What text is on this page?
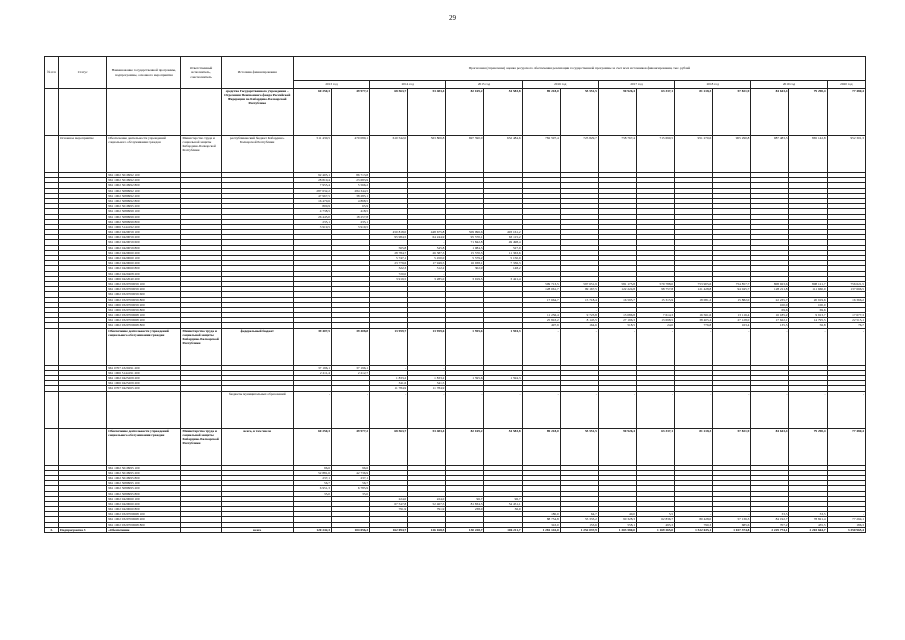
29
№ п/п	Статус	Наименование государственной программы, подпрограммы, основного мероприятия	Ответственный исполнитель, соисполнитель	Источник финансирования	Прогнозная (справочная) оценка ресурсного обеспечения реализации государственной программы за счет всех источников финансирования, тыс. рублей														
					2013 год		2014 год		2015 год		2016 год		2017 год		2018 год		2019 год		2020 год
				средства Государственного учреждения – Отделения Пенсионного фонда Российской Федерации по Кабардино-Балкарской Республике	60 250,3	49 977,2	68 563,7	53 483,4	82 169,2	54 583,8	89 218,0	55 551,5	90 926,4	63 337,1	81 218,3	57 821,9	84 643,4	79 290,4	77 480,4
	Основное мероприятие	Обеспечение деятельности учреждений социального обслуживания граждан	Министерство труда и социальной защиты Кабардино-Балкарской Республики	республиканский бюджет Кабардино-Балкарской Республики	511 430,5	470 089,1	610 542,0	563 806,8	697 590,0	632 484,6	782 597,4	725 829,7	758 767,4	715 690,5	951 270,6	905 290,8	987 483,3	865 142,8	952 301,3
		961 1002 5019992 100			92 405,1	86 713,8													
		961 1002 5019992 200			28 810,4	23 683,9													
		961 1002 5019992 800			7 955,4	5 566,2													
		961 1002 5089992 100			287 632,2	284 344,5													
		961 1002 5089992 200			47 967,5	38 285,1													
		961 1002 5089992 800			16 470,6	4 868,5													
		961 1002 5019995 200			800,9	65,9													
		961 1002 5089999 100			4 738,5	418,5													
		961 1002 5089999 200			26 445,0	18 257,8													
		961 1002 5089999 800			235,1	235,1													
		961 1006 5144192 200			3 919,5	3 919,5													
		961 1002 0420059 100					450 818,0	448 675,8	509 996,6	493 161,2									
		961 1002 0420059 200					95 984,5	64 244,9	95 570,1	63 115,2									
		961 1002 0420059 600						-	71 842,8	49 498,4									
		961 1002 0420059 800					565,8	545,8	1 084,5	527,9									
		961 1002 0420060 200					28 784,7	26 387,3	15 570,5	11 363,6									
		961 1002 0420060 100					5 747,1	5 450,0	5 579,2	5 150,9									
		961 1002 0420060 200					23 779,6	17 949,5	16 938,1	7 336,3									
		961 1002 0420060 800					322,3	312,2	302,9	148,2									
		961 1002 0420408 200					720,0	-											
		961 1006 0422040 200					3 919,5	3 285,0	3 919,5	3 421,4									
		961 1002 0320700059 100									599 713,5	597 651,9	581 175,8	579 788,0	753 905,6	754 857,7	808 923,6	808 121,7	756 621,5
		961 1002 0320700059 200									128 061,7	99 167,5	122 224,8	98 757,8	121 428,8	94 045,7	128 211,8	111 660,0	137 666,5
		961 1002 0320700059 600																	
		961 1002 0320700059 800									17 664,7	15 718,4	16 595,7	15 315,9	18 081,2	15 882,0	22 235,7	20 919,6	16 366,2
		961 1006 0320700059 200															100,0	100,0	
		961 1006 0320700059 800									-	-					69,6	69,6	
		961 1002 0320700068 100									11 256,4	9 723,8	13 086,8	7 614,3	16 561,6	13 116,4	16 185,2	9 913,7	17 677,3
		961 1002 0320700068 200									25 843,2	8 145,5	27 196,3	13 698,5	38 405,4	27 128,0	17 622,1	14 795,5	22 515,1
		961 1002 0320700068 800									497,9	164,6	518,5	24,0	776,8	163,4	135,5	56,8	76,7
		Обеспечение деятельности учреждений социального обслуживания граждан	Министерство труда и социальной защиты Кабардино-Балкарской Республики	федеральный бюджет	39 407,5	39 408,8	13 959,7	13 959,6	1 595,6	1 594,3	-	-	-	-	-	-	-	-	-
		961 0707 4320291 200			37 196,1	37 196,1	-	-											
		961 1006 5144191 200			2 211,4	2 212,7													
		961 1002 0425209 200					1 833,2	1 833,2	1 595,6	1 594,3									
		961 1006 0425209 200					341,6	341,5											
		961 0707 0425065 200					11 784,9	11 784,9											
				бюджеты муниципальных образований	-	-	-	-	-	-	-	-	-	-	-	-	-	-	-
		Обеспечение деятельности учреждений социального обслуживания граждан	Министерство труда и социальной защиты Кабардино-Балкарской Республики	всего, в том числе	60 250,3	49 977,2	68 563,7	53 483,4	82 169,2	54 583,8	89 218,0	55 551,5	90 926,4	63 337,1	81 218,3	57 821,9	84 643,4	79 290,4	77 480,4
		961 1002 5019995 100			96,6	96,6													
		961 1002 5019995 200			52 881,6	42 736,9													
		961 1002 5019995 800			237,1	237,1													
		961 1002 5089995 100			56,7	56,7													
		961 1002 5089995 200			6 951,3	6 785,9													
		961 1002 5089995 800			35,0	35,0													
		961 1002 0420060 100					224,0	224,0	96,7	96,7									
		961 1002 0420060 200					67 547,8	52 467,5	81 834,3	54 451,1									
		961 1002 0420060 800					791,9	791,9	238,0	36,0									
		961 1002 0320700068 100									180,0	64,7	40,0	5,5	-	-	33,5	33,5	-
		961 1002 0320700068 200									88 754,8	55 333,2	90 328,3	62 836,7	80 428,0	57 136,3	84 192,7	78 821,4	77 294,1
		961 1002 0320700068 800									343,0	153,6	558,1	495,3	790,3	685,6	707,2	435,5	186,3
3.	Подпрограмма 3	«Обеспечение		всего	120 242,3	104 056,3	162 094,7	126 168,5	130 228,7	106 211,7	1 281 142,0	1 252 037,9	1 303 580,0	1 169 265,0	1 522 635,1	1 027 374,8	2 229 774,1	2 203 664,7	3 350 965,4
